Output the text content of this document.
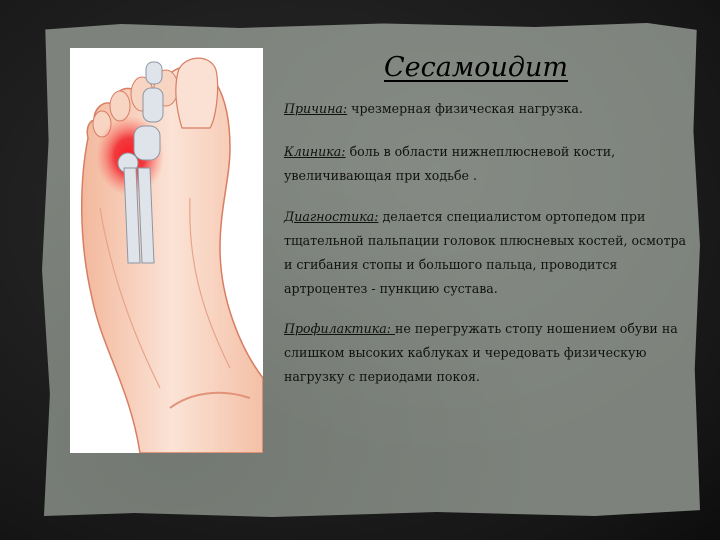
Сесамоидит
Причина: чрезмерная физическая нагрузка.
Клиника: боль в области нижнеплюсневой кости, увеличивающая при ходьбе .
Диагностика: делается специалистом ортопедом при тщательной пальпации головок плюсневых костей, осмотра и сгибания стопы и большого пальца, проводится артроцентез - пункцию сустава.
Профилактика: не перегружать стопу ношением обуви на слишком высоких каблуках и чередовать физическую нагрузку с периодами покоя.
